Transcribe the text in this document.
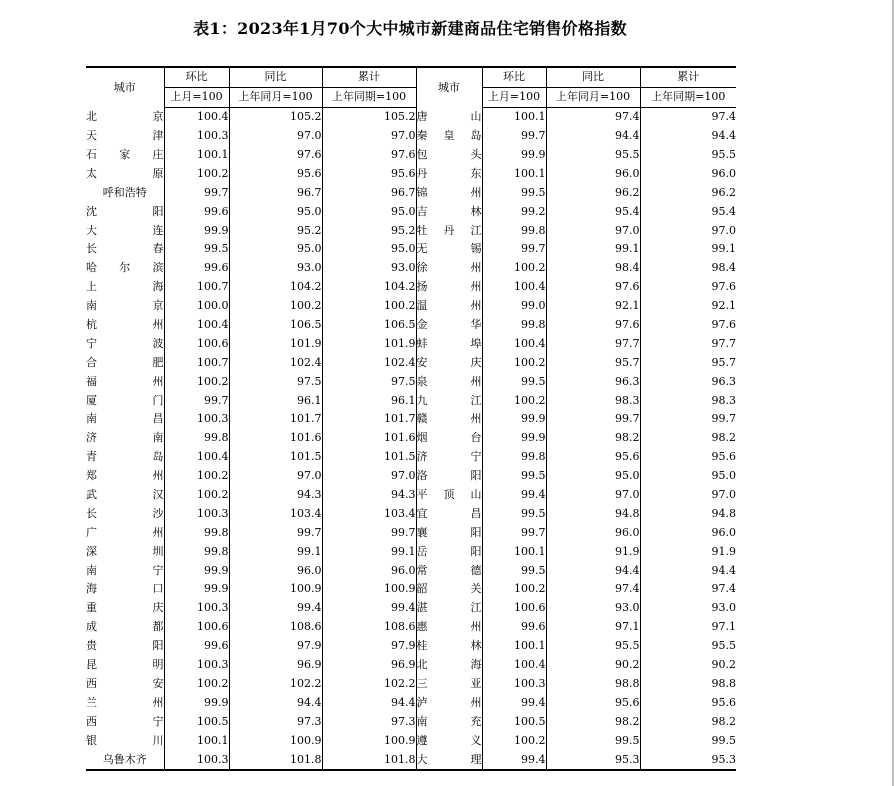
表1：2023年1月70个大中城市新建商品住宅销售价格指数
城市	环比	同比	累计	城市	环比	同比	累计
	上月=100	上年同月=100	上年同期=100		上月=100	上年同月=100	上年同期=100
北　京	100.4	105.2	105.2	唐　山	100.1	97.4	97.4
天　津	100.3	97.0	97.0	秦皇岛	99.7	94.4	94.4
石家庄	100.1	97.6	97.6	包　头	99.9	95.5	95.5
太　原	100.2	95.6	95.6	丹　东	100.1	96.0	96.0
呼和浩特	99.7	96.7	96.7	锦　州	99.5	96.2	96.2
沈　阳	99.6	95.0	95.0	吉　林	99.2	95.4	95.4
大　连	99.9	95.2	95.2	牡丹江	99.8	97.0	97.0
长　春	99.5	95.0	95.0	无　锡	99.7	99.1	99.1
哈尔滨	99.6	93.0	93.0	徐　州	100.2	98.4	98.4
上　海	100.7	104.2	104.2	扬　州	100.4	97.6	97.6
南　京	100.0	100.2	100.2	温　州	99.0	92.1	92.1
杭　州	100.4	106.5	106.5	金　华	99.8	97.6	97.6
宁　波	100.6	101.9	101.9	蚌　埠	100.4	97.7	97.7
合　肥	100.7	102.4	102.4	安　庆	100.2	95.7	95.7
福　州	100.2	97.5	97.5	泉　州	99.5	96.3	96.3
厦　门	99.7	96.1	96.1	九　江	100.2	98.3	98.3
南　昌	100.3	101.7	101.7	赣　州	99.9	99.7	99.7
济　南	99.8	101.6	101.6	烟　台	99.9	98.2	98.2
青　岛	100.4	101.5	101.5	济　宁	99.8	95.6	95.6
郑　州	100.2	97.0	97.0	洛　阳	99.5	95.0	95.0
武　汉	100.2	94.3	94.3	平顶山	99.4	97.0	97.0
长　沙	100.3	103.4	103.4	宜　昌	99.5	94.8	94.8
广　州	99.8	99.7	99.7	襄　阳	99.7	96.0	96.0
深　圳	99.8	99.1	99.1	岳　阳	100.1	91.9	91.9
南　宁	99.9	96.0	96.0	常　德	99.5	94.4	94.4
海　口	99.9	100.9	100.9	韶　关	100.2	97.4	97.4
重　庆	100.3	99.4	99.4	湛　江	100.6	93.0	93.0
成　都	100.6	108.6	108.6	惠　州	99.6	97.1	97.1
贵　阳	99.6	97.9	97.9	桂　林	100.1	95.5	95.5
昆　明	100.3	96.9	96.9	北　海	100.4	90.2	90.2
西　安	100.2	102.2	102.2	三　亚	100.3	98.8	98.8
兰　州	99.9	94.4	94.4	泸　州	99.4	95.6	95.6
西　宁	100.5	97.3	97.3	南　充	100.5	98.2	98.2
银　川	100.1	100.9	100.9	遵　义	100.2	99.5	99.5
乌鲁木齐	100.3	101.8	101.8	大　理	99.4	95.3	95.3
